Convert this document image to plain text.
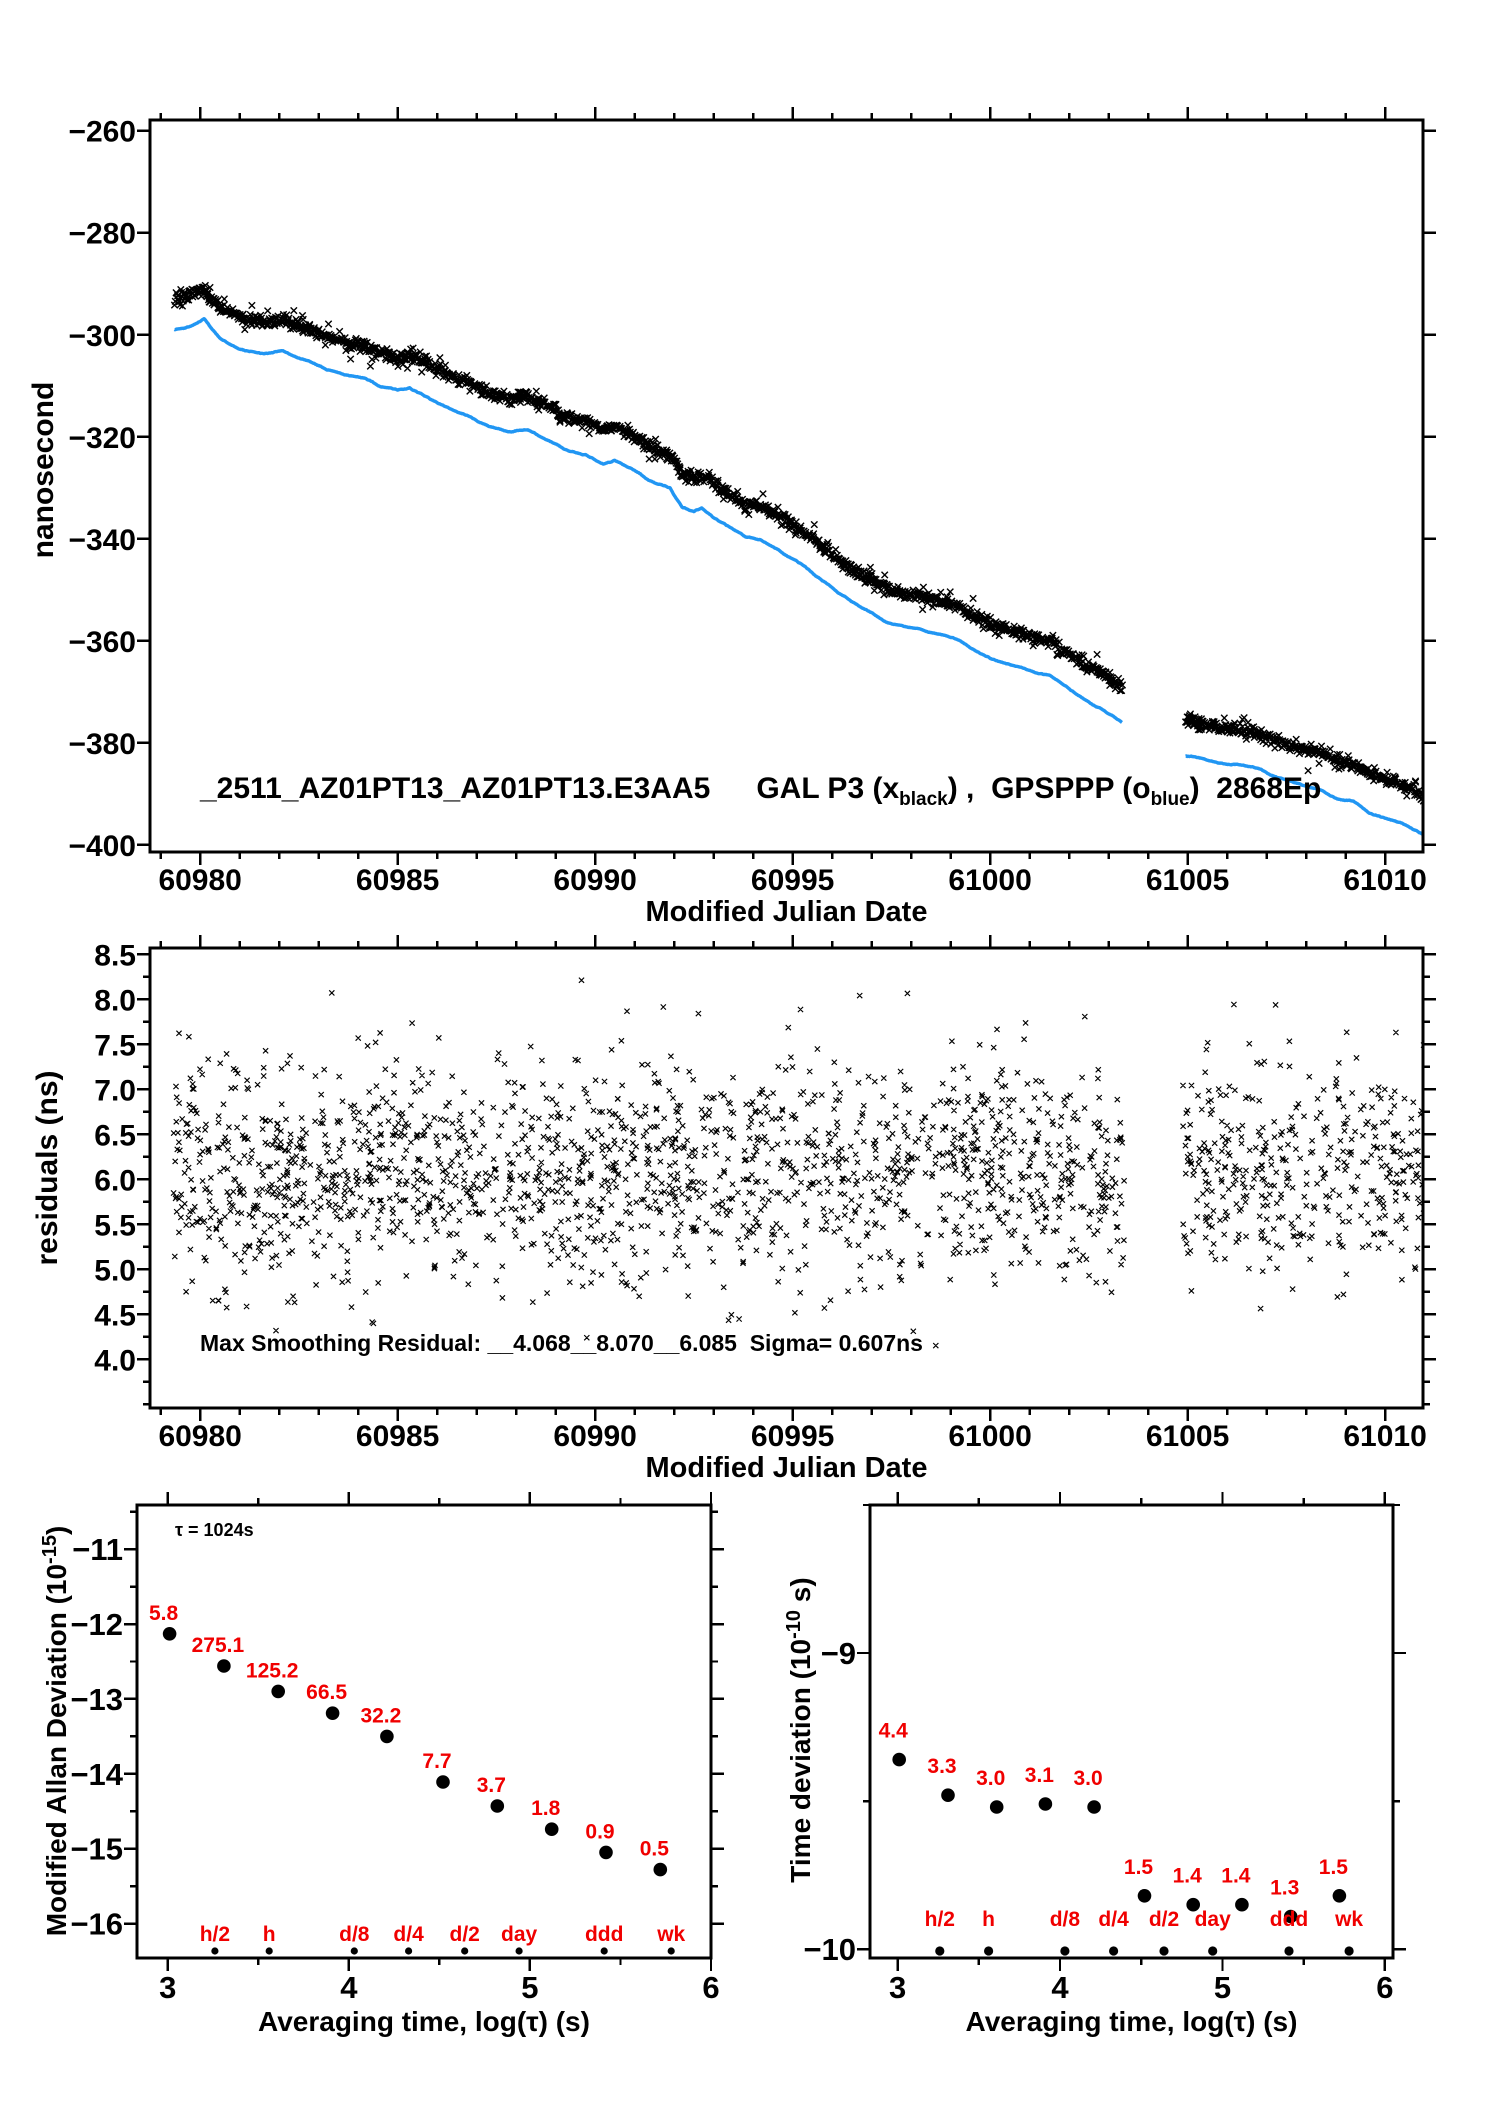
60980	60985	60990	60995	61000	61005	61010
−260
−280
−300
−320
−340
−360
−380
−400
60980	60985	60990	60995	61000	61005	61010
8.5
8.0
7.5
7.0
6.5
6.0
5.5
5.0
4.5
4.0
3	4	5	6
−11
−12
−13
−14
−15
−16
5.8
275.1
125.2
66.5
32.2
7.7
3.7
1.8
0.9
0.5
h/2 h	d/8 d/4 d/2 day ddd wk
3	4	5	6
−9
−10
4.4
3.3
3.0 3.1 3.0
1.5 1.4 1.4
1.3
1.5
h/2 h	d/8 d/4 d/2 day ddd wk
_2511_AZ01PT13_AZ01PT13.E3AA5 GAL P3 $(x_{black})$ ,  GPSPPP $(o_{blue})$  2868Ep
nanosecond
Modified Julian Date
residuals (ns)
Max Smoothing Residual: __4.068__8.070__6.085  Sigma= 0.607ns
Modified Julian Date
τ = 1024s
Modified Allan Deviation $(10^{-15})$
Averaging time, log(τ) (s)
Time deviation ($10^{-10}$ s)
Averaging time, log(τ) (s)
